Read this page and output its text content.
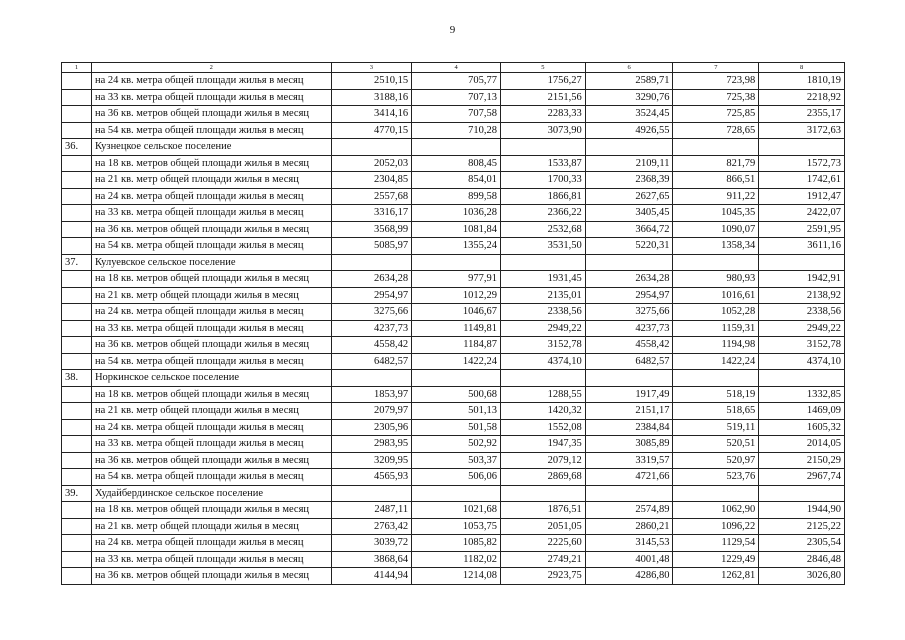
9
1	2	3	4	5	6	7	8
	на 24 кв. метра общей площади жилья в месяц	2510,15	705,77	1756,27	2589,71	723,98	1810,19
	на 33 кв. метра общей площади жилья в месяц	3188,16	707,13	2151,56	3290,76	725,38	2218,92
	на 36 кв. метров общей площади жилья в месяц	3414,16	707,58	2283,33	3524,45	725,85	2355,17
	на 54 кв. метра общей площади жилья в месяц	4770,15	710,28	3073,90	4926,55	728,65	3172,63
36.	Кузнецкое сельское поселение						
	на 18 кв. метров общей площади жилья в месяц	2052,03	808,45	1533,87	2109,11	821,79	1572,73
	на 21 кв. метр общей площади жилья в месяц	2304,85	854,01	1700,33	2368,39	866,51	1742,61
	на 24 кв. метра общей площади жилья в месяц	2557,68	899,58	1866,81	2627,65	911,22	1912,47
	на 33 кв. метра общей площади жилья в месяц	3316,17	1036,28	2366,22	3405,45	1045,35	2422,07
	на 36 кв. метров общей площади жилья в месяц	3568,99	1081,84	2532,68	3664,72	1090,07	2591,95
	на 54 кв. метра общей площади жилья в месяц	5085,97	1355,24	3531,50	5220,31	1358,34	3611,16
37.	Кулуевское сельское поселение						
	на 18 кв. метров общей площади жилья в месяц	2634,28	977,91	1931,45	2634,28	980,93	1942,91
	на 21 кв. метр общей площади жилья в месяц	2954,97	1012,29	2135,01	2954,97	1016,61	2138,92
	на 24 кв. метра общей площади жилья в месяц	3275,66	1046,67	2338,56	3275,66	1052,28	2338,56
	на 33 кв. метра общей площади жилья в месяц	4237,73	1149,81	2949,22	4237,73	1159,31	2949,22
	на 36 кв. метров общей площади жилья в месяц	4558,42	1184,87	3152,78	4558,42	1194,98	3152,78
	на 54 кв. метра общей площади жилья в месяц	6482,57	1422,24	4374,10	6482,57	1422,24	4374,10
38.	Норкинское сельское поселение						
	на 18 кв. метров общей площади жилья в месяц	1853,97	500,68	1288,55	1917,49	518,19	1332,85
	на 21 кв. метр общей площади жилья в месяц	2079,97	501,13	1420,32	2151,17	518,65	1469,09
	на 24 кв. метра общей площади жилья в месяц	2305,96	501,58	1552,08	2384,84	519,11	1605,32
	на 33 кв. метра общей площади жилья в месяц	2983,95	502,92	1947,35	3085,89	520,51	2014,05
	на 36 кв. метров общей площади жилья в месяц	3209,95	503,37	2079,12	3319,57	520,97	2150,29
	на 54 кв. метра общей площади жилья в месяц	4565,93	506,06	2869,68	4721,66	523,76	2967,74
39.	Худайбердинское сельское поселение						
	на 18 кв. метров общей площади жилья в месяц	2487,11	1021,68	1876,51	2574,89	1062,90	1944,90
	на 21 кв. метр общей площади жилья в месяц	2763,42	1053,75	2051,05	2860,21	1096,22	2125,22
	на 24 кв. метра общей площади жилья в месяц	3039,72	1085,82	2225,60	3145,53	1129,54	2305,54
	на 33 кв. метра общей площади жилья в месяц	3868,64	1182,02	2749,21	4001,48	1229,49	2846,48
	на 36 кв. метров общей площади жилья в месяц	4144,94	1214,08	2923,75	4286,80	1262,81	3026,80
